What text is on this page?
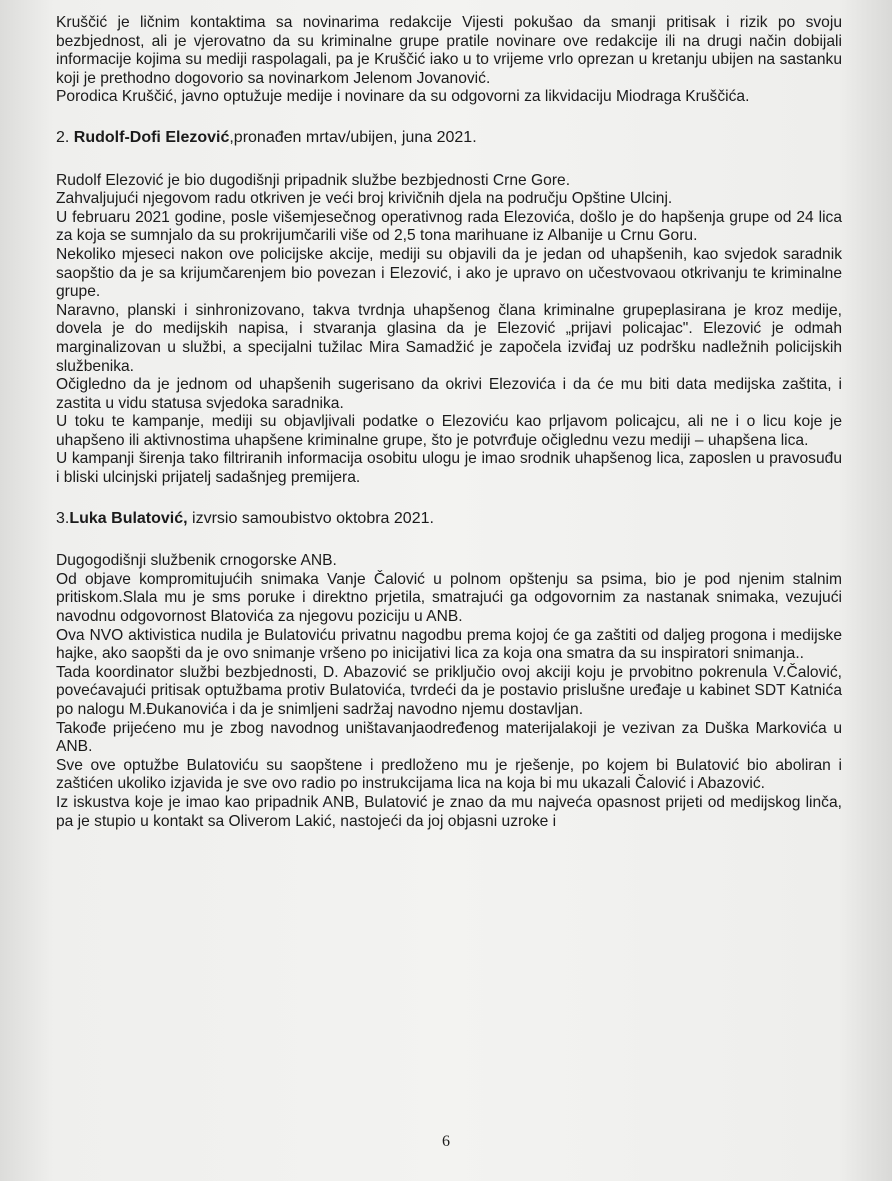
Kruščić je ličnim kontaktima sa novinarima redakcije Vijesti pokušao da smanji pritisak i rizik po svoju bezbjednost, ali je vjerovatno da su kriminalne grupe pratile novinare ove redakcije ili na drugi način dobijali informacije kojima su mediji raspolagali, pa je Kruščić iako u to vrijeme vrlo oprezan u kretanju ubijen na sastanku koji je prethodno dogovorio sa novinarkom Jelenom Jovanović.

Porodica Kruščić, javno optužuje medije i novinare da su odgovorni za likvidaciju Miodraga Kruščića.

2. Rudolf-Dofi Elezović,pronađen mrtav/ubijen, juna 2021.

Rudolf Elezović je bio dugodišnji pripadnik službe bezbjednosti Crne Gore.

Zahvaljujući njegovom radu otkriven je veći broj krivičnih djela na području Opštine Ulcinj.

U februaru 2021 godine, posle višemjesečnog operativnog rada Elezovića, došlo je do hapšenja grupe od 24 lica za koja se sumnjalo da su prokrijumčarili više od 2,5 tona marihuane iz Albanije u Crnu Goru.

Nekoliko mjeseci nakon ove policijske akcije, mediji su objavili da je jedan od uhapšenih, kao svjedok saradnik saopštio da je sa krijumčarenjem bio povezan i Elezović, i ako je upravo on učestvovaou otkrivanju te kriminalne grupe.

Naravno, planski i sinhronizovano, takva tvrdnja uhapšenog člana kriminalne grupeplasirana je kroz medije, dovela je do medijskih napisa, i stvaranja glasina da je Elezović „prijavi policajac". Elezović je odmah marginalizovan u službi, a specijalni tužilac Mira Samadžić je započela izviđaj uz podršku nadležnih policijskih službenika.

Očigledno da je jednom od uhapšenih sugerisano da okrivi Elezovića i da će mu biti data medijska zaštita, i zastita u vidu statusa svjedoka saradnika.

U toku te kampanje, mediji su objavljivali podatke o Elezoviću kao prljavom policajcu, ali ne i o licu koje je uhapšeno ili aktivnostima uhapšene kriminalne grupe, što je potvrđuje očiglednu vezu mediji – uhapšena lica.

U kampanji širenja tako filtriranih informacija osobitu ulogu je imao srodnik uhapšenog lica, zaposlen u pravosuđu i bliski ulcinjski prijatelj sadašnjeg premijera.

3.Luka Bulatović, izvrsio samoubistvo oktobra 2021.

Dugogodišnji službenik crnogorske ANB.

Od objave kompromitujućih snimaka Vanje Čalović u polnom opštenju sa psima, bio je pod njenim stalnim pritiskom.Slala mu je sms poruke i direktno prjetila, smatrajući ga odgovornim za nastanak snimaka, vezujući navodnu odgovornost Blatovića za njegovu poziciju u ANB.

Ova NVO aktivistica nudila je Bulatoviću privatnu nagodbu prema kojoj će ga zaštiti od daljeg progona i medijske hajke, ako saopšti da je ovo snimanje vršeno po inicijativi lica za koja ona smatra da su inspiratori snimanja..

Tada koordinator službi bezbjednosti, D. Abazović se priključio ovoj akciji koju je prvobitno pokrenula V.Čalović, povećavajući pritisak optužbama protiv Bulatovića, tvrdeći da je postavio prislušne uređaje u kabinet SDT Katnića po nalogu M.Đukanovića i da je snimljeni sadržaj navodno njemu dostavljan.

Takođe prijećeno mu je zbog navodnog uništavanjaodređenog materijalakoji je vezivan za Duška Markovića u ANB.

Sve ove optužbe Bulatoviću su saopštene i predloženo mu je rješenje, po kojem bi Bulatović bio aboliran i zaštićen ukoliko izjavida je sve ovo radio po instrukcijama lica na koja bi mu ukazali Čalović i Abazović.

Iz iskustva koje je imao kao pripadnik ANB, Bulatović je znao da mu najveća opasnost prijeti od medijskog linča, pa je stupio u kontakt sa Oliverom Lakić, nastojeći da joj objasni uzroke i

6
